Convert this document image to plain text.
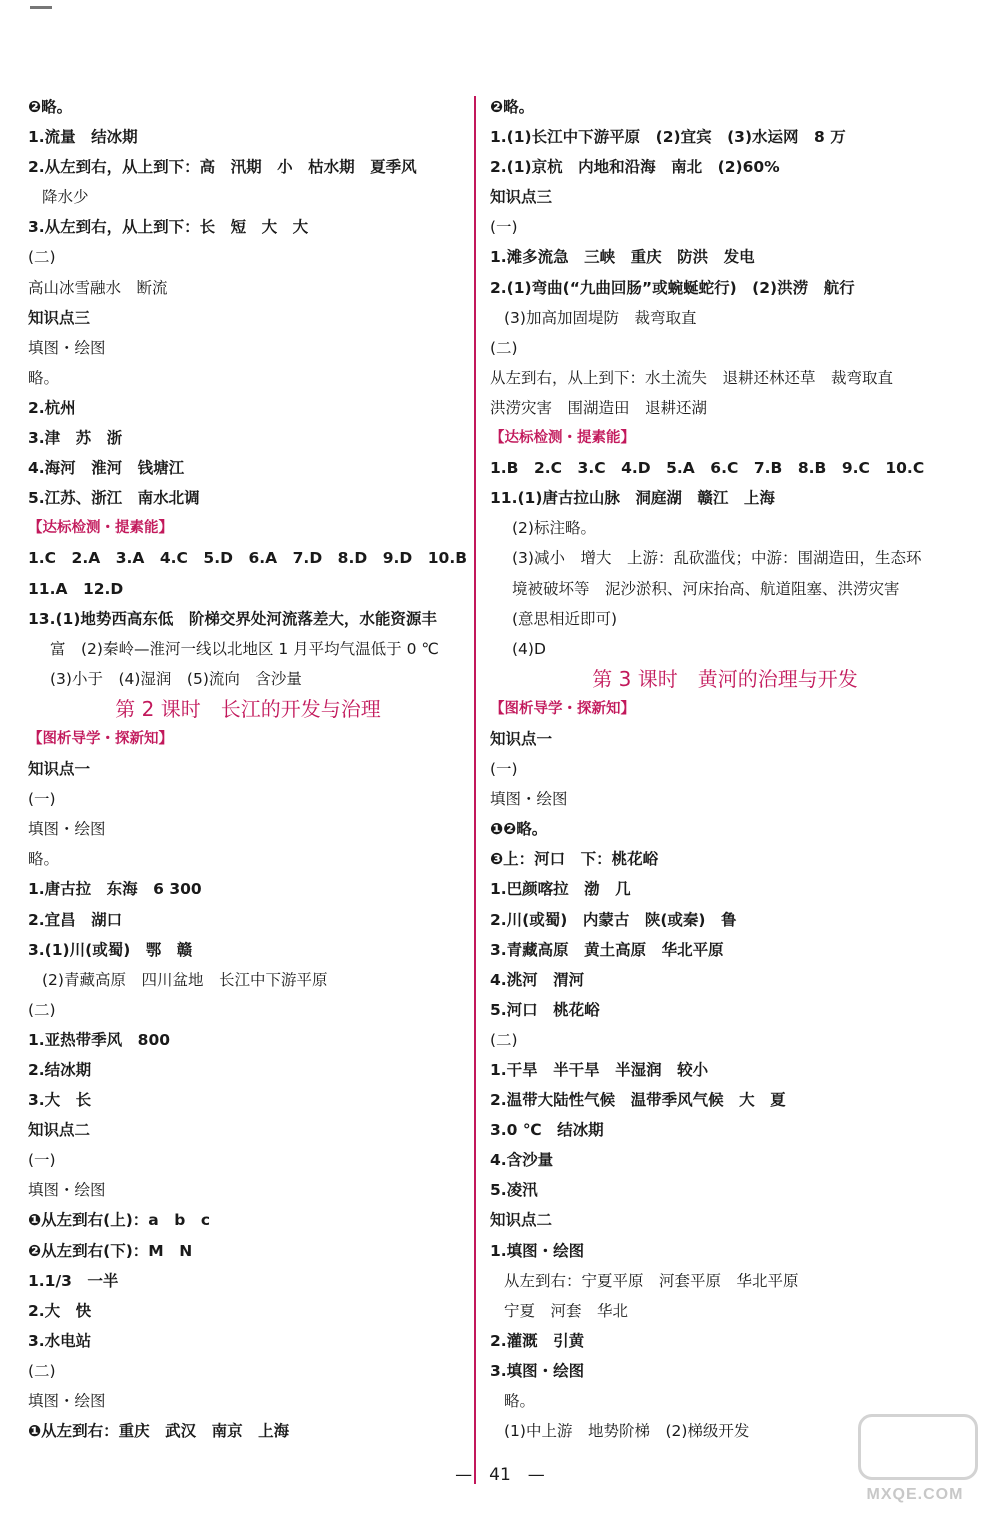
❷略。
1.流量　结冰期
2.从左到右，从上到下：高　汛期　小　枯水期　夏季风
降水少
3.从左到右，从上到下：长　短　大　大
(二)
高山冰雪融水　断流
知识点三
填图・绘图
略。
2.杭州
3.津　苏　浙
4.海河　淮河　钱塘江
5.江苏、浙江　南水北调
【达标检测・提素能】
1.C　2.A　3.A　4.C　5.D　6.A　7.D　8.D　9.D　10.B
11.A　12.D
13.(1)地势西高东低　阶梯交界处河流落差大，水能资源丰
富　(2)秦岭—淮河一线以北地区 1 月平均气温低于 0 ℃
(3)小于　(4)湿润　(5)流向　含沙量
第 2 课时　长江的开发与治理
【图析导学・探新知】
知识点一
(一)
填图・绘图
略。
1.唐古拉　东海　6 300
2.宜昌　湖口
3.(1)川(或蜀)　鄂　赣
(2)青藏高原　四川盆地　长江中下游平原
(二)
1.亚热带季风　800
2.结冰期
3.大　长
知识点二
(一)
填图・绘图
❶从左到右(上)：a　b　c
❷从左到右(下)：M　N
1.1/3　一半
2.大　快
3.水电站
(二)
填图・绘图
❶从左到右：重庆　武汉　南京　上海
❷略。
1.(1)长江中下游平原　(2)宜宾　(3)水运网　8 万
2.(1)京杭　内地和沿海　南北　(2)60%
知识点三
(一)
1.滩多流急　三峡　重庆　防洪　发电
2.(1)弯曲(“九曲回肠”或蜿蜒蛇行)　(2)洪涝　航行
(3)加高加固堤防　裁弯取直
(二)
从左到右，从上到下：水土流失　退耕还林还草　裁弯取直
洪涝灾害　围湖造田　退耕还湖
【达标检测・提素能】
1.B　2.C　3.C　4.D　5.A　6.C　7.B　8.B　9.C　10.C
11.(1)唐古拉山脉　洞庭湖　赣江　上海
(2)标注略。
(3)减小　增大　上游：乱砍滥伐；中游：围湖造田，生态环
境被破坏等　泥沙淤积、河床抬高、航道阻塞、洪涝灾害
(意思相近即可)
(4)D
第 3 课时　黄河的治理与开发
【图析导学・探新知】
知识点一
(一)
填图・绘图
❶❷略。
❸上：河口　下：桃花峪
1.巴颜喀拉　渤　几
2.川(或蜀)　内蒙古　陕(或秦)　鲁
3.青藏高原　黄土高原　华北平原
4.洮河　渭河
5.河口　桃花峪
(二)
1.干旱　半干旱　半湿润　较小
2.温带大陆性气候　温带季风气候　大　夏
3.0 ℃　结冰期
4.含沙量
5.凌汛
知识点二
1.填图・绘图
从左到右：宁夏平原　河套平原　华北平原
宁夏　河套　华北
2.灌溉　引黄
3.填图・绘图
略。
(1)中上游　地势阶梯　(2)梯级开发
—　41　—
MXQE.COM
